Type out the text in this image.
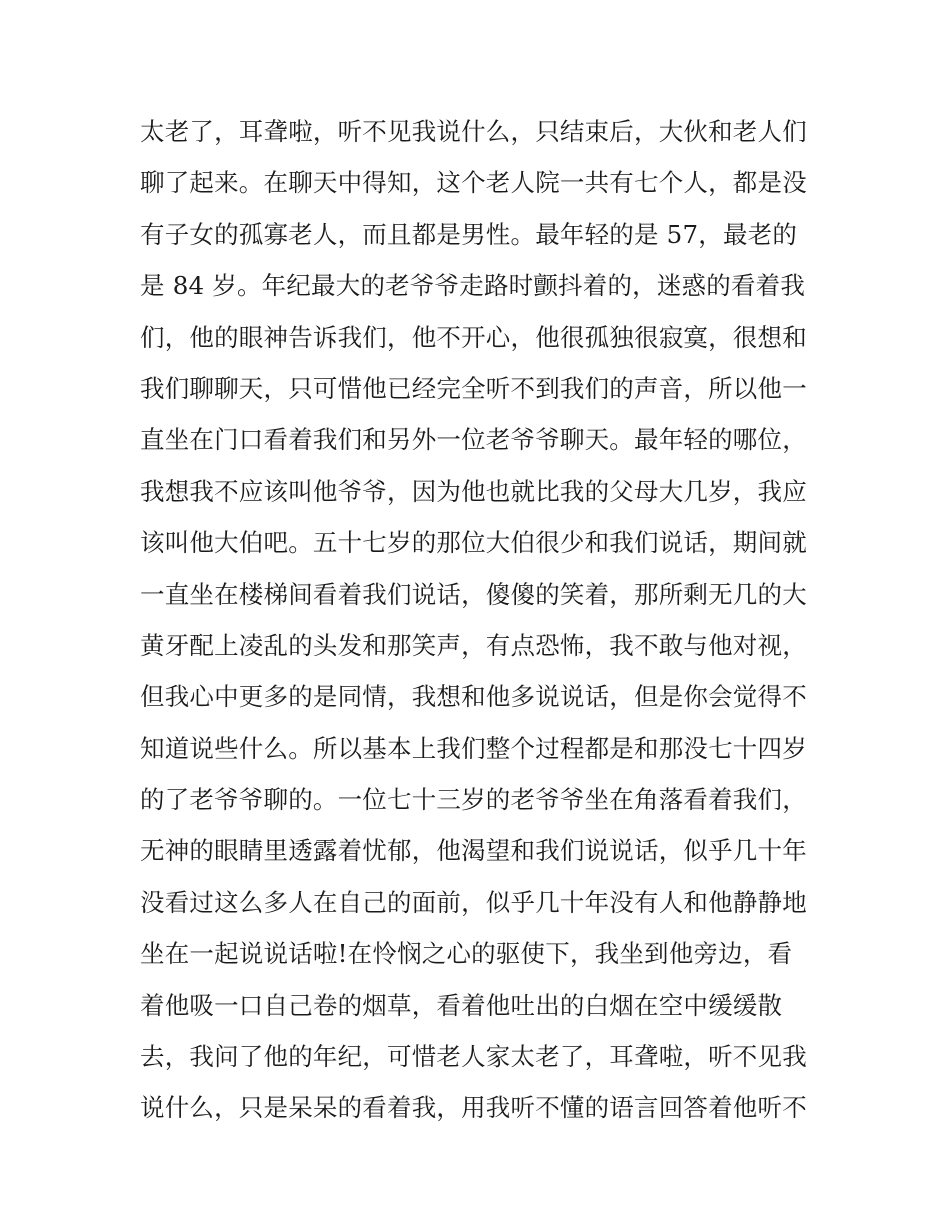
太老了，耳聋啦，听不见我说什么，只结束后，大伙和老人们
聊了起来。在聊天中得知，这个老人院一共有七个人，都是没
有子女的孤寡老人，而且都是男性。最年轻的是 57，最老的
是 84 岁。年纪最大的老爷爷走路时颤抖着的，迷惑的看着我
们，他的眼神告诉我们，他不开心，他很孤独很寂寞，很想和
我们聊聊天，只可惜他已经完全听不到我们的声音，所以他一
直坐在门口看着我们和另外一位老爷爷聊天。最年轻的哪位，
我想我不应该叫他爷爷，因为他也就比我的父母大几岁，我应
该叫他大伯吧。五十七岁的那位大伯很少和我们说话，期间就
一直坐在楼梯间看着我们说话，傻傻的笑着，那所剩无几的大
黄牙配上凌乱的头发和那笑声，有点恐怖，我不敢与他对视，
但我心中更多的是同情，我想和他多说说话，但是你会觉得不
知道说些什么。所以基本上我们整个过程都是和那没七十四岁
的了老爷爷聊的。一位七十三岁的老爷爷坐在角落看着我们，
无神的眼睛里透露着忧郁，他渴望和我们说说话，似乎几十年
没看过这么多人在自己的面前，似乎几十年没有人和他静静地
坐在一起说说话啦!在怜悯之心的驱使下，我坐到他旁边，看
着他吸一口自己卷的烟草，看着他吐出的白烟在空中缓缓散
去，我问了他的年纪，可惜老人家太老了，耳聋啦，听不见我
说什么，只是呆呆的看着我，用我听不懂的语言回答着他听不
